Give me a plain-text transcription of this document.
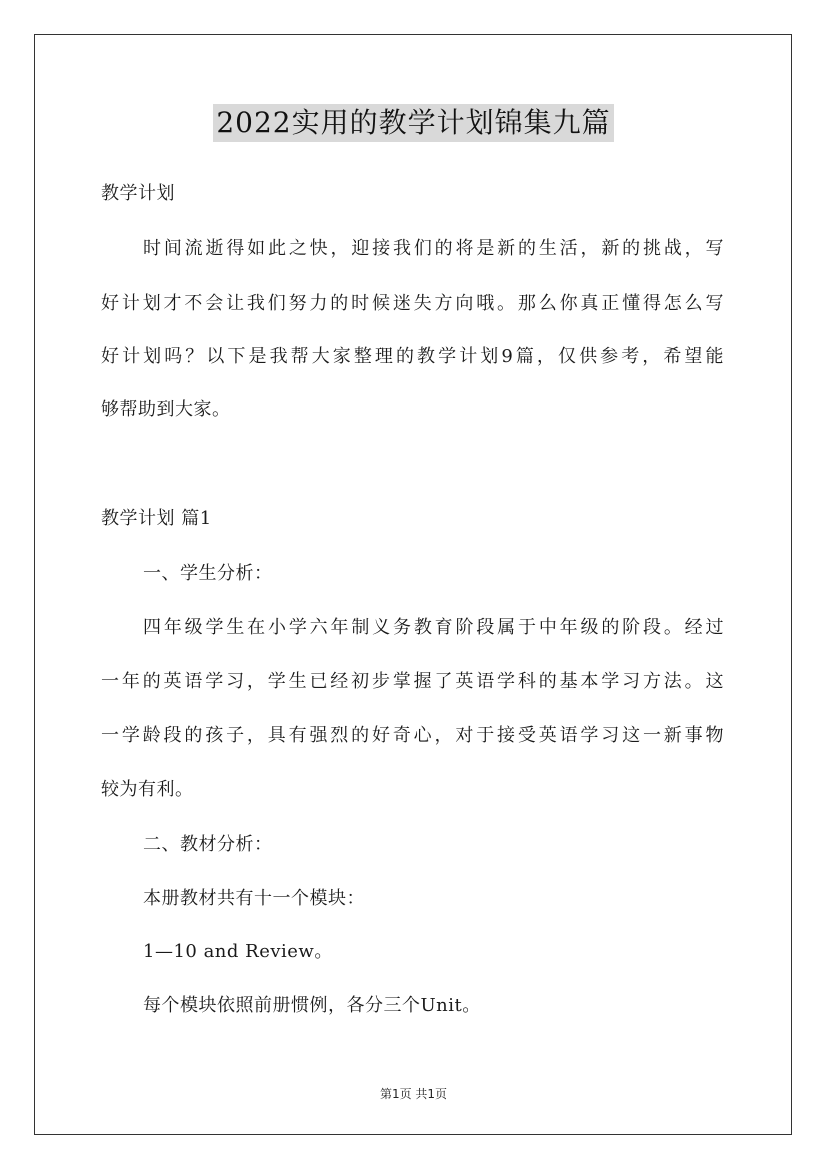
2022实用的教学计划锦集九篇
教学计划
时间流逝得如此之快，迎接我们的将是新的生活，新的挑战，写
好计划才不会让我们努力的时候迷失方向哦。那么你真正懂得怎么写
好计划吗？以下是我帮大家整理的教学计划9篇，仅供参考，希望能
够帮助到大家。
教学计划 篇1
一、学生分析：
四年级学生在小学六年制义务教育阶段属于中年级的阶段。经过
一年的英语学习，学生已经初步掌握了英语学科的基本学习方法。这
一学龄段的孩子，具有强烈的好奇心，对于接受英语学习这一新事物
较为有利。
二、教材分析：
本册教材共有十一个模块：
1—10 and Review。
每个模块依照前册惯例，各分三个Unit。
第1页 共1页
